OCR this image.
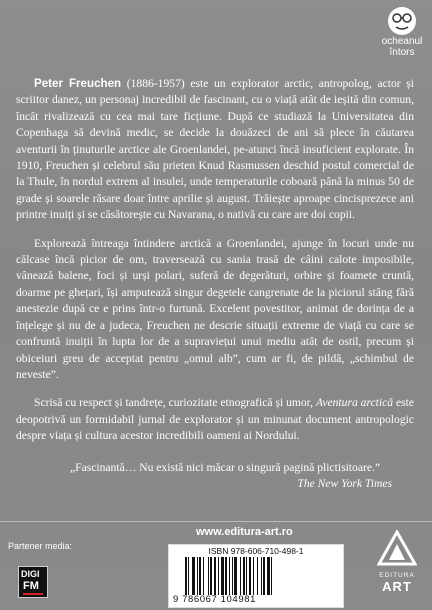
ocheanul
întors

Peter Freuchen (1886-1957) este un explorator arctic, antropolog, actor și scriitor danez, un personaj incredibil de fascinant, cu o viață atât de ieșită din comun, încât rivalizează cu cea mai tare ficțiune. După ce studiază la Universitatea din Copenhaga să devină medic, se decide la douăzeci de ani să plece în căutarea aventurii în ținuturile arctice ale Groenlandei, pe-atunci încă insuficient explorate. În 1910, Freuchen și celebrul său prieten Knud Rasmussen deschid postul comercial de la Thule, în nordul extrem al insulei, unde temperaturile coboară până la minus 50 de grade și soarele răsare doar între aprilie și august. Trăiește aproape cincisprezece ani printre inuiți și se căsătorește cu Navarana, o nativă cu care are doi copii.

Explorează întreaga întindere arctică a Groenlandei, ajunge în locuri unde nu călcase încă picior de om, traversează cu sania trasă de câini calote imposibile, vânează balene, foci și urși polari, suferă de degerături, orbire și foamete cruntă, doarme pe ghețari, își amputează singur degetele cangrenate de la piciorul stâng fără anestezie după ce e prins într-o furtună. Excelent povestitor, animat de dorința de a înțelege și nu de a judeca, Freuchen ne descrie situații extreme de viață cu care se confruntă inuiții în lupta lor de a supraviețui unui mediu atât de ostil, precum și obiceiuri greu de acceptat pentru „omul alb”, cum ar fi, de pildă, „schimbul de neveste”.

Scrisă cu respect și tandrețe, curiozitate etnografică și umor, Aventura arctică este deopotrivă un formidabil jurnal de explorator și un minunat document antropologic despre viața și cultura acestor incredibili oameni ai Nordului.

„Fascinantă… Nu există nici măcar o singură pagină plictisitoare.”
The New York Times
Partener media:
DIGI
FM
www.editura-art.ro
ISBN 978-606-710-498-1
9 786067 104981
EDITURA
ART
